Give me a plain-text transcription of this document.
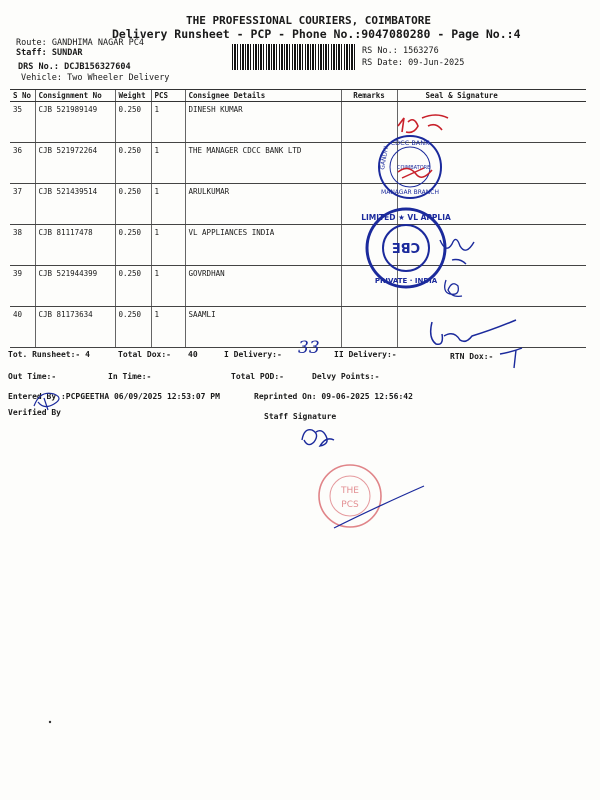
THE PROFESSIONAL COURIERS, COIMBATORE
Delivery Runsheet - PCP - Phone No.:9047080280 - Page No.:4
Route: GANDHIMA NAGAR PC4
Staff: SUNDAR
DRS No.: DCJB156327604
Vehicle: Two Wheeler Delivery
RS No.: 1563276
RS Date: 09-Jun-2025
S No	Consignment No	Weight	PCS	Consignee Details	Remarks	Seal & Signature
35	CJB 521989149	0.250	1	DINESH KUMAR		
36	CJB 521972264	0.250	1	THE MANAGER CDCC BANK LTD		
37	CJB 521439514	0.250	1	ARULKUMAR		
38	CJB 81117478	0.250	1	VL APPLIANCES INDIA		
39	CJB 521944399	0.250	1	GOVRDHAN		
40	CJB 81173634	0.250	1	SAAMLI		
Tot. Runsheet:- 4	Total Dox:- 40	I Delivery:- 33 II Delivery:-	RTN Dox:-
Out Time:-	In Time:-	Total POD:-	Delvy Points:-
Entered By :PCPGEETHA 06/09/2025 12:53:07 PM	Reprinted On: 09-06-2025 12:56:42
Verified By	Staff Signature
CDCC BANK
MANAGAR BRANCH
GANDHI COIMBATORE
LIMITED ★ VL APPLIA
PRIVATE · INDIA
CBE
THE
PCS
